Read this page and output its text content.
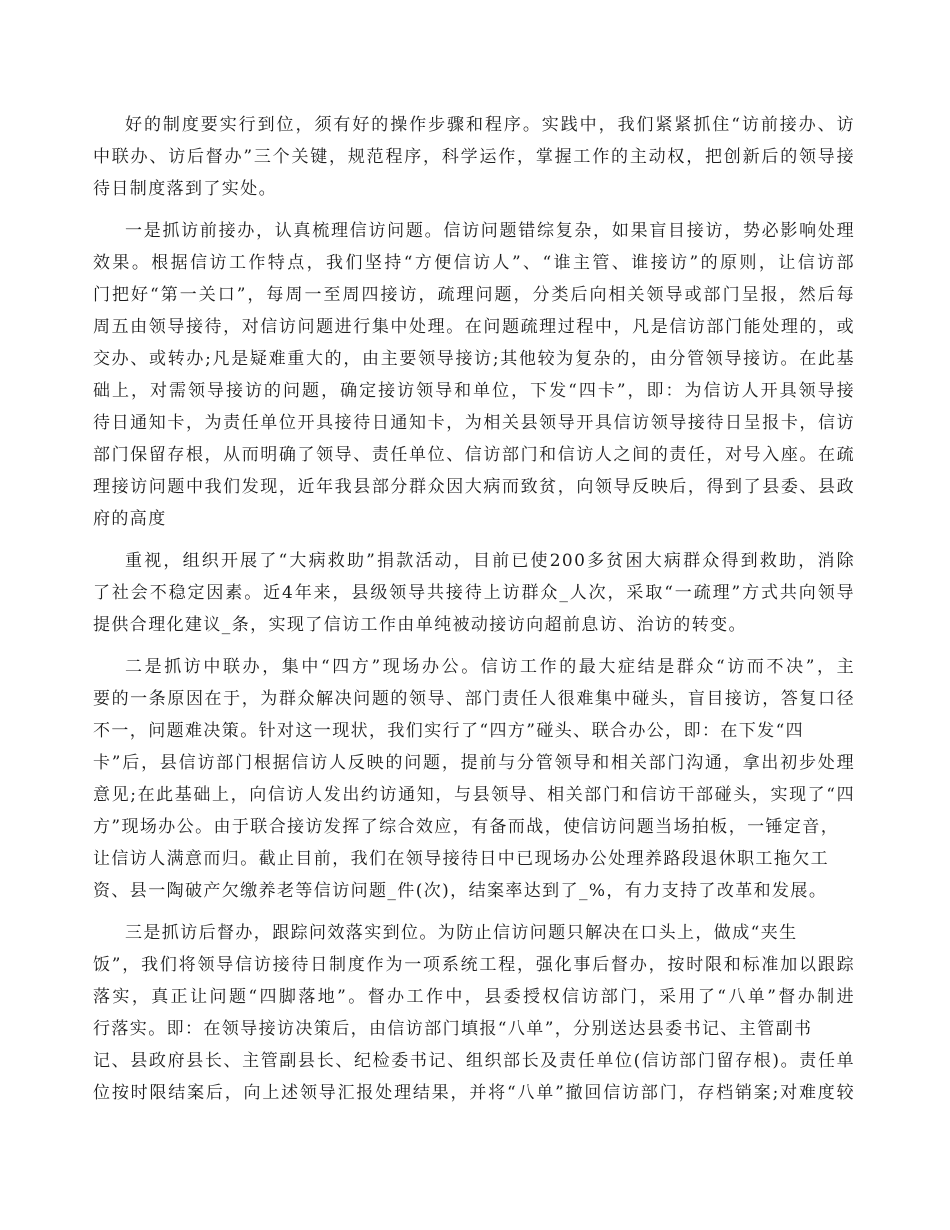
好的制度要实行到位，须有好的操作步骤和程序。实践中，我们紧紧抓住“访前接办、访
中联办、访后督办”三个关键，规范程序，科学运作，掌握工作的主动权，把创新后的领导接
待日制度落到了实处。
一是抓访前接办，认真梳理信访问题。信访问题错综复杂，如果盲目接访，势必影响处理
效果。根据信访工作特点，我们坚持“方便信访人”、“谁主管、谁接访”的原则，让信访部
门把好“第一关口”，每周一至周四接访，疏理问题，分类后向相关领导或部门呈报，然后每
周五由领导接待，对信访问题进行集中处理。在问题疏理过程中，凡是信访部门能处理的，或
交办、或转办;凡是疑难重大的，由主要领导接访;其他较为复杂的，由分管领导接访。在此基
础上，对需领导接访的问题，确定接访领导和单位，下发“四卡”，即：为信访人开具领导接
待日通知卡，为责任单位开具接待日通知卡，为相关县领导开具信访领导接待日呈报卡，信访
部门保留存根，从而明确了领导、责任单位、信访部门和信访人之间的责任，对号入座。在疏
理接访问题中我们发现，近年我县部分群众因大病而致贫，向领导反映后，得到了县委、县政
府的高度
重视，组织开展了“大病救助”捐款活动，目前已使200多贫困大病群众得到救助，消除
了社会不稳定因素。近4年来，县级领导共接待上访群众_人次，采取“一疏理”方式共向领导
提供合理化建议_条，实现了信访工作由单纯被动接访向超前息访、治访的转变。
二是抓访中联办，集中“四方”现场办公。信访工作的最大症结是群众“访而不决”，主
要的一条原因在于，为群众解决问题的领导、部门责任人很难集中碰头，盲目接访，答复口径
不一，问题难决策。针对这一现状，我们实行了“四方”碰头、联合办公，即：在下发“四
卡”后，县信访部门根据信访人反映的问题，提前与分管领导和相关部门沟通，拿出初步处理
意见;在此基础上，向信访人发出约访通知，与县领导、相关部门和信访干部碰头，实现了“四
方”现场办公。由于联合接访发挥了综合效应，有备而战，使信访问题当场拍板，一锤定音，
让信访人满意而归。截止目前，我们在领导接待日中已现场办公处理养路段退休职工拖欠工
资、县一陶破产欠缴养老等信访问题_件(次)，结案率达到了_%，有力支持了改革和发展。
三是抓访后督办，跟踪问效落实到位。为防止信访问题只解决在口头上，做成“夹生
饭”，我们将领导信访接待日制度作为一项系统工程，强化事后督办，按时限和标准加以跟踪
落实，真正让问题“四脚落地”。督办工作中，县委授权信访部门，采用了“八单”督办制进
行落实。即：在领导接访决策后，由信访部门填报“八单”，分别送达县委书记、主管副书
记、县政府县长、主管副县长、纪检委书记、组织部长及责任单位(信访部门留存根)。责任单
位按时限结案后，向上述领导汇报处理结果，并将“八单”撤回信访部门，存档销案;对难度较
